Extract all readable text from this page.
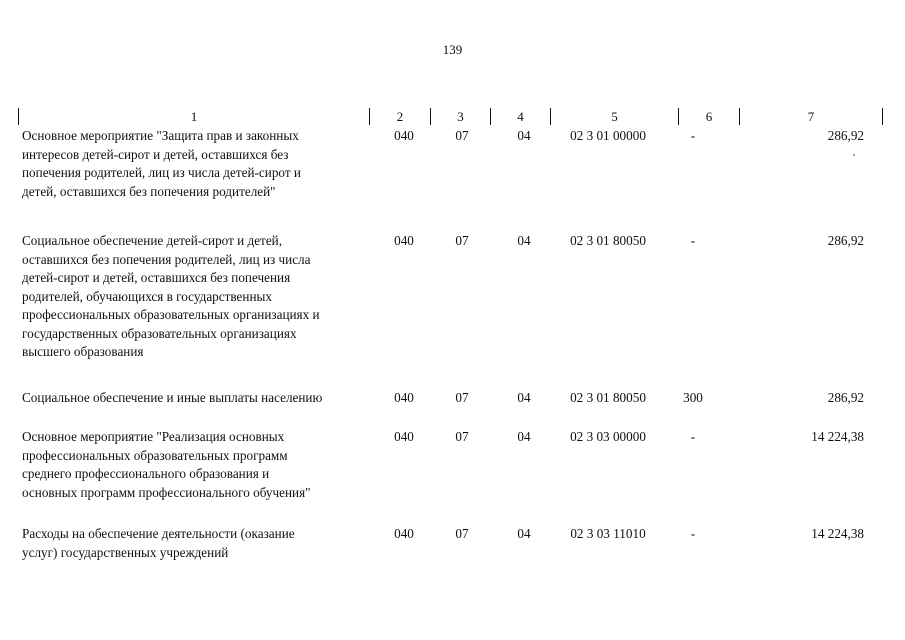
139
1	2	3	4	5	6	7
Основное мероприятие "Защита прав и законных
интересов детей-сирот и детей, оставшихся без
попечения родителей, лиц из числа детей-сирот и
детей, оставшихся без попечения родителей"
040	07	04	02 3 01 00000	-	286,92
Социальное обеспечение детей-сирот и детей,
оставшихся без попечения родителей, лиц из числа
детей-сирот и детей, оставшихся без попечения
родителей, обучающихся в государственных
профессиональных образовательных организациях и
государственных образовательных организациях
высшего образования
040	07	04	02 3 01 80050	-	286,92
Социальное обеспечение и иные выплаты населению	040	07	04	02 3 01 80050	300	286,92
Основное мероприятие "Реализация основных
профессиональных образовательных программ
среднего профессионального образования и
основных программ профессионального обучения"
040	07	04	02 3 03 00000	-	14 224,38
Расходы на обеспечение деятельности (оказание
услуг) государственных учреждений
040	07	04	02 3 03 11010	-	14 224,38
